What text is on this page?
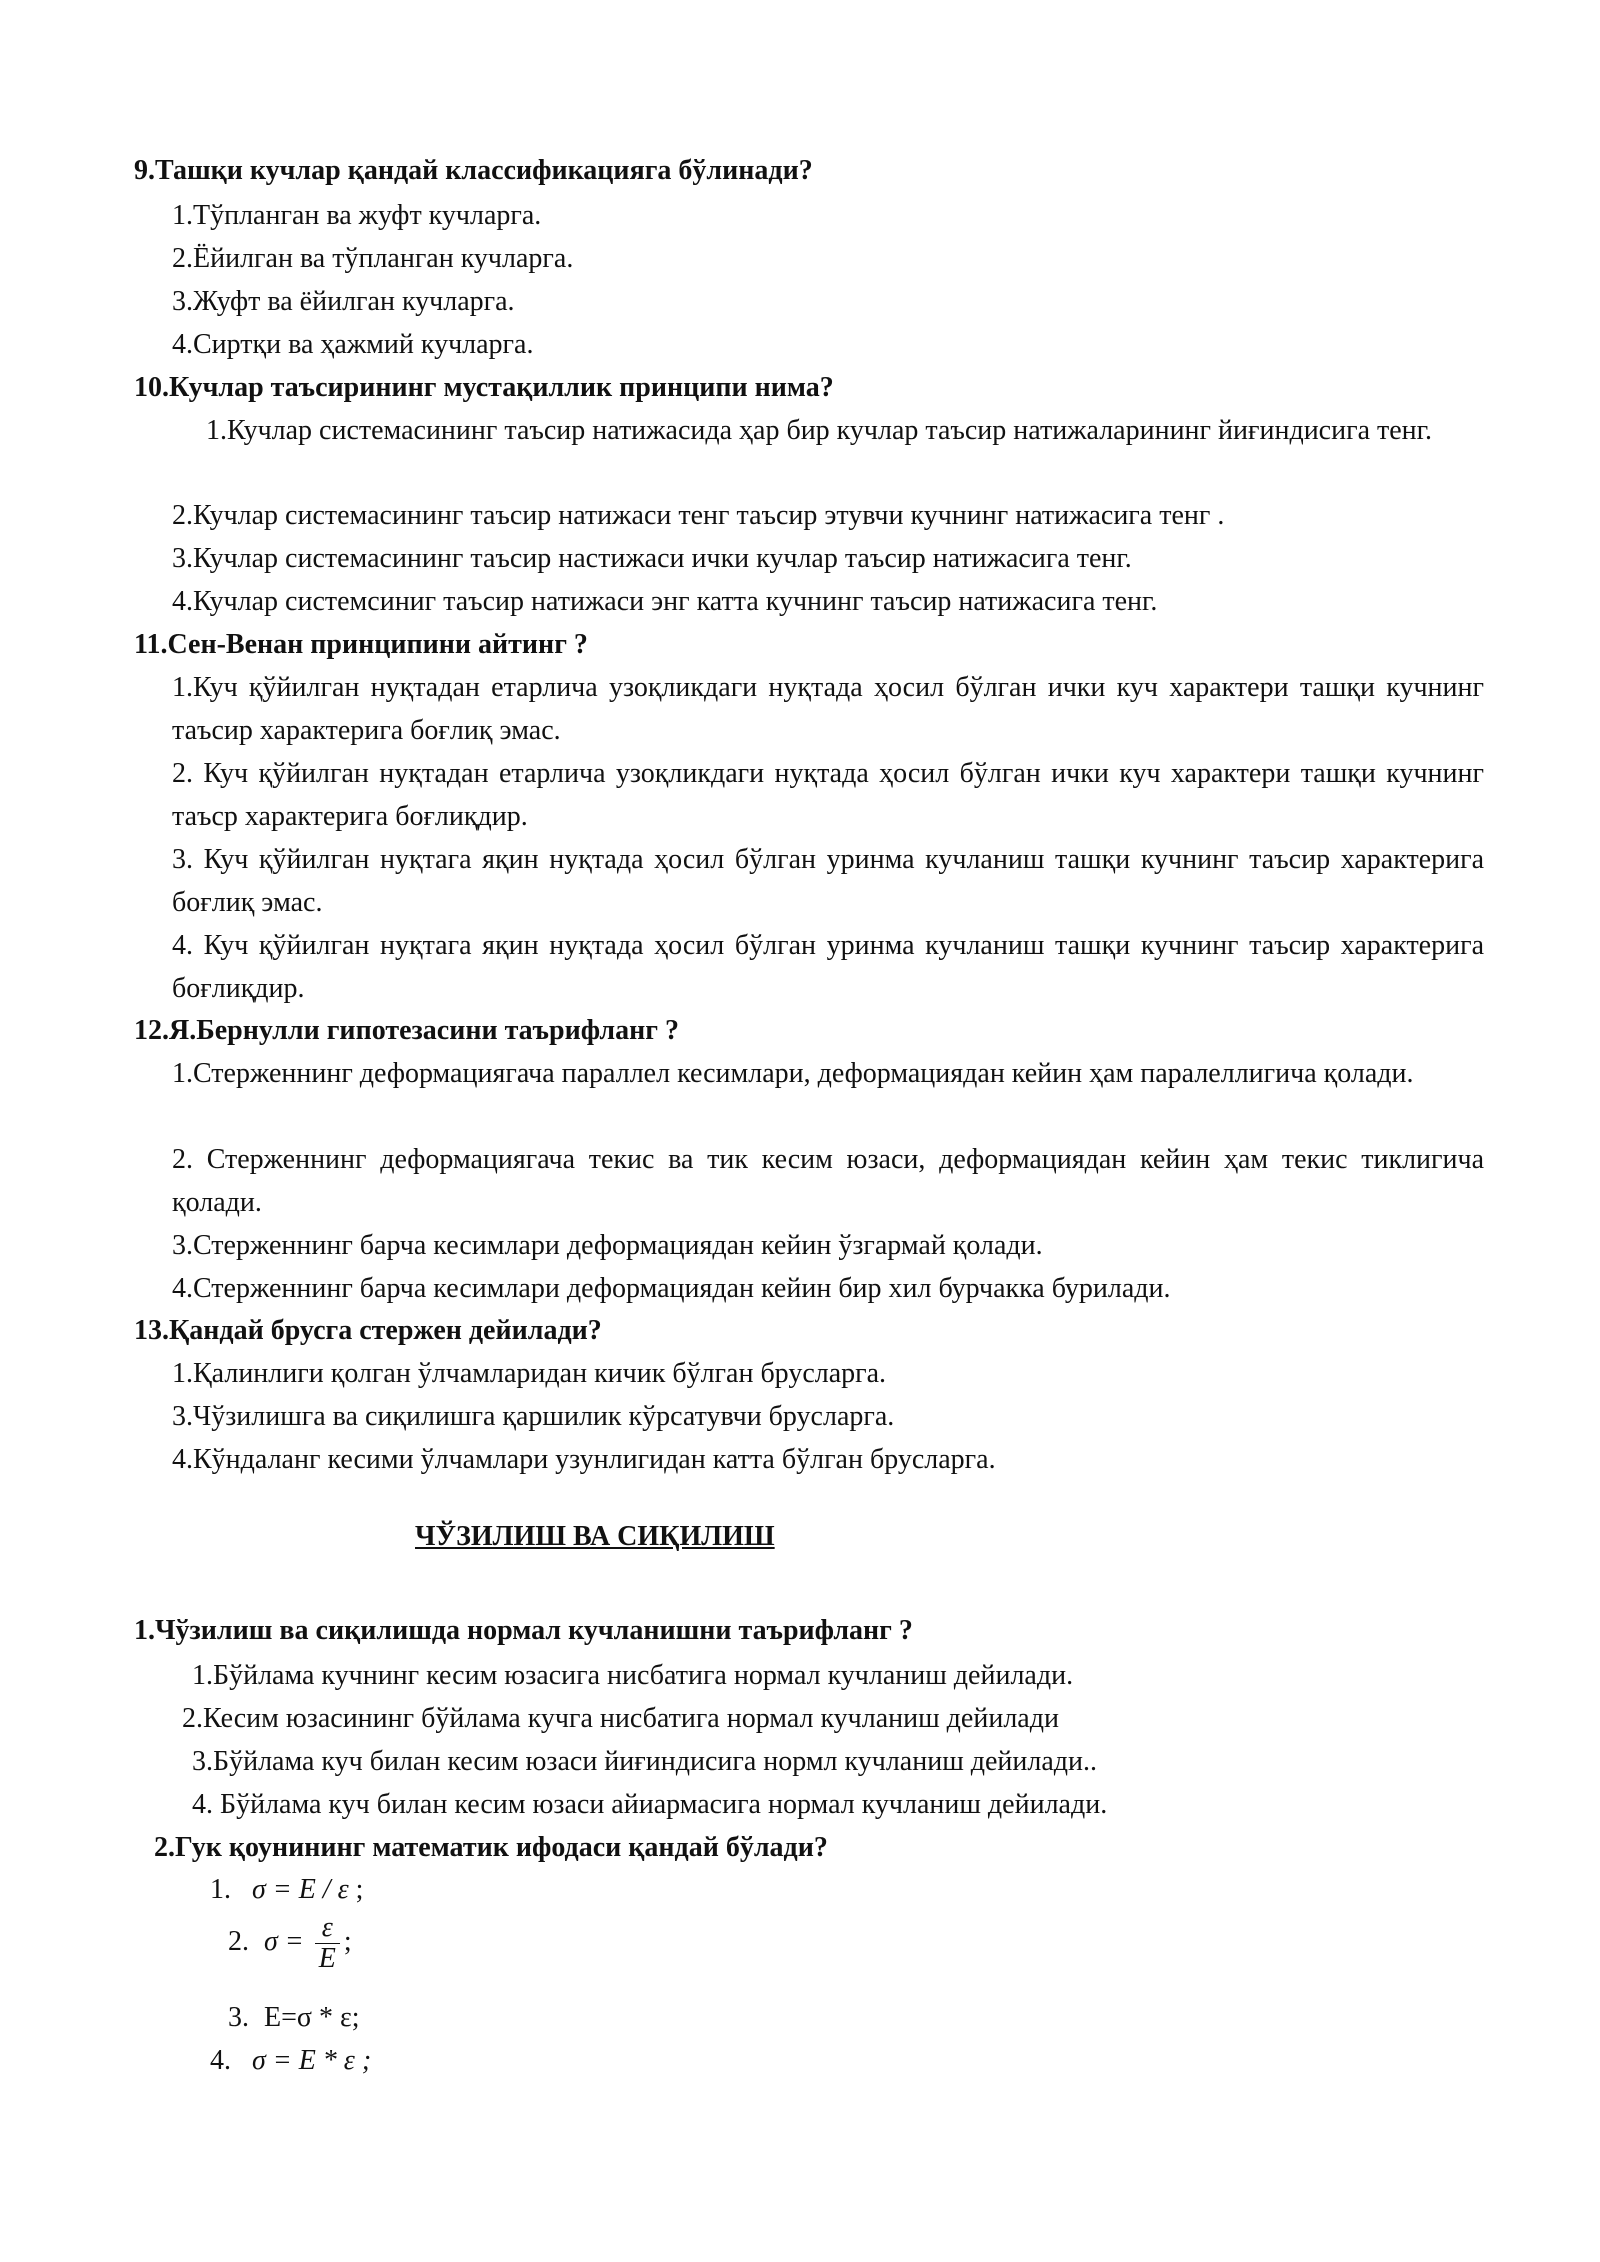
9.Ташқи кучлар қандай классификацияга бўлинади?
1.Тўпланган ва жуфт кучларга.
2.Ёйилган ва тўпланган кучларга.
3.Жуфт ва ёйилган кучларга.
4.Сиртқи ва ҳажмий кучларга.
10.Кучлар таъсирининг мустақиллик принципи нима?
1.Кучлар системасининг таъсир натижасида ҳар бир кучлар таъсир натижаларининг йиғиндисига тенг.
2.Кучлар системасининг таъсир натижаси тенг таъсир этувчи кучнинг натижасига тенг .
3.Кучлар системасининг таъсир настижаси ички кучлар таъсир натижасига тенг.
4.Кучлар системсиниг таъсир натижаси энг катта кучнинг таъсир натижасига тенг.
11.Сен-Венан принципини айтинг ?
1.Куч қўйилган нуқтадан етарлича узоқликдаги нуқтада ҳосил бўлган ички куч характери ташқи кучнинг таъсир характерига боғлиқ эмас.
2. Куч қўйилган нуқтадан етарлича узоқликдаги нуқтада ҳосил бўлган ички куч характери ташқи кучнинг таъср характерига боғлиқдир.
3. Куч қўйилган нуқтага яқин нуқтада ҳосил бўлган уринма кучланиш ташқи кучнинг таъсир характерига боғлиқ эмас.
4. Куч қўйилган нуқтага яқин нуқтада ҳосил бўлган уринма кучланиш ташқи кучнинг таъсир характерига боғлиқдир.
12.Я.Бернулли гипотезасини таърифланг ?
1.Стерженнинг деформациягача параллел кесимлари, деформациядан кейин ҳам паралеллигича қолади.
2. Стерженнинг деформациягача текис ва тик кесим юзаси, деформациядан кейин ҳам текис тиклигича қолади.
3.Стерженнинг барча кесимлари деформациядан кейин ўзгармай қолади.
4.Стерженнинг барча кесимлари деформациядан кейин бир хил бурчакка бурилади.
13.Қандай брусга стержен дейилади?
1.Қалинлиги қолган ўлчамларидан кичик бўлган брусларга.
3.Чўзилишга ва сиқилишга қаршилик кўрсатувчи брусларга.
4.Кўндаланг кесими ўлчамлари узунлигидан катта бўлган брусларга.
ЧЎЗИЛИШ ВА СИҚИЛИШ
1.Чўзилиш ва сиқилишда нормал кучланишни таърифланг ?
1.Бўйлама кучнинг кесим юзасига нисбатига нормал кучланиш дейилади.
2.Кесим юзасининг бўйлама кучга нисбатига нормал кучланиш дейилади
3.Бўйлама куч билан кесим юзаси йиғиндисига нормл кучланиш дейилади..
4. Бўйлама куч билан кесим юзаси айиармасига нормал кучланиш дейилади.
2.Гук қоунининг математик ифодаси қандай бўлади?
1. σ = E / ε ;
2. $\sigma = \frac{\varepsilon}{E}$ ;
3. E=σ * ε;
4. σ = E * ε ;
